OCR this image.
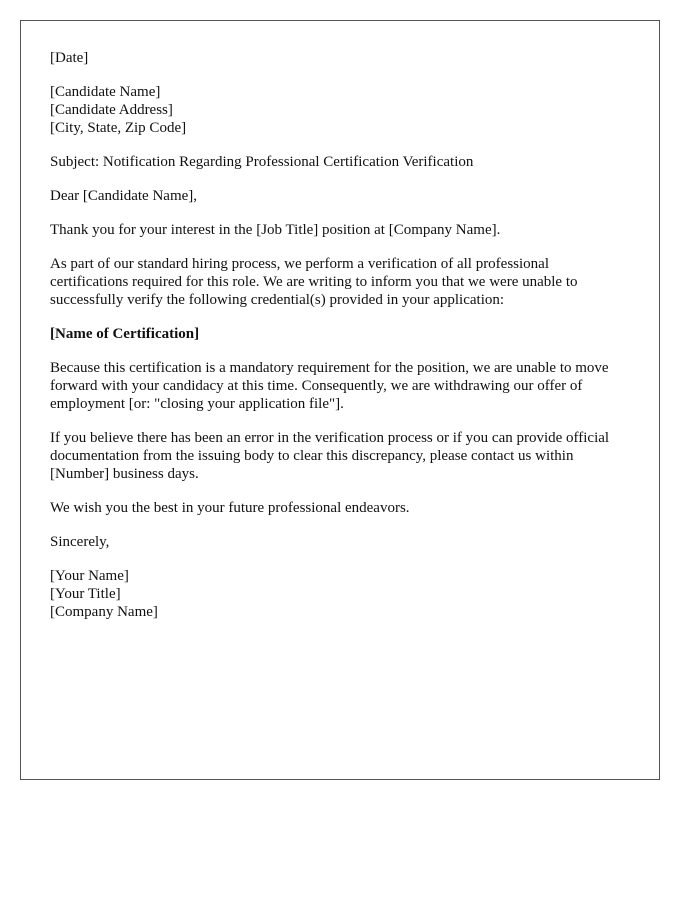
[Date]

[Candidate Name]
[Candidate Address]
[City, State, Zip Code]

Subject: Notification Regarding Professional Certification Verification

Dear [Candidate Name],

Thank you for your interest in the [Job Title] position at [Company Name].

As part of our standard hiring process, we perform a verification of all professional certifications required for this role. We are writing to inform you that we were unable to successfully verify the following credential(s) provided in your application:

[Name of Certification]

Because this certification is a mandatory requirement for the position, we are unable to move forward with your candidacy at this time. Consequently, we are withdrawing our offer of employment [or: "closing your application file"].

If you believe there has been an error in the verification process or if you can provide official documentation from the issuing body to clear this discrepancy, please contact us within [Number] business days.

We wish you the best in your future professional endeavors.

Sincerely,

[Your Name]
[Your Title]
[Company Name]
